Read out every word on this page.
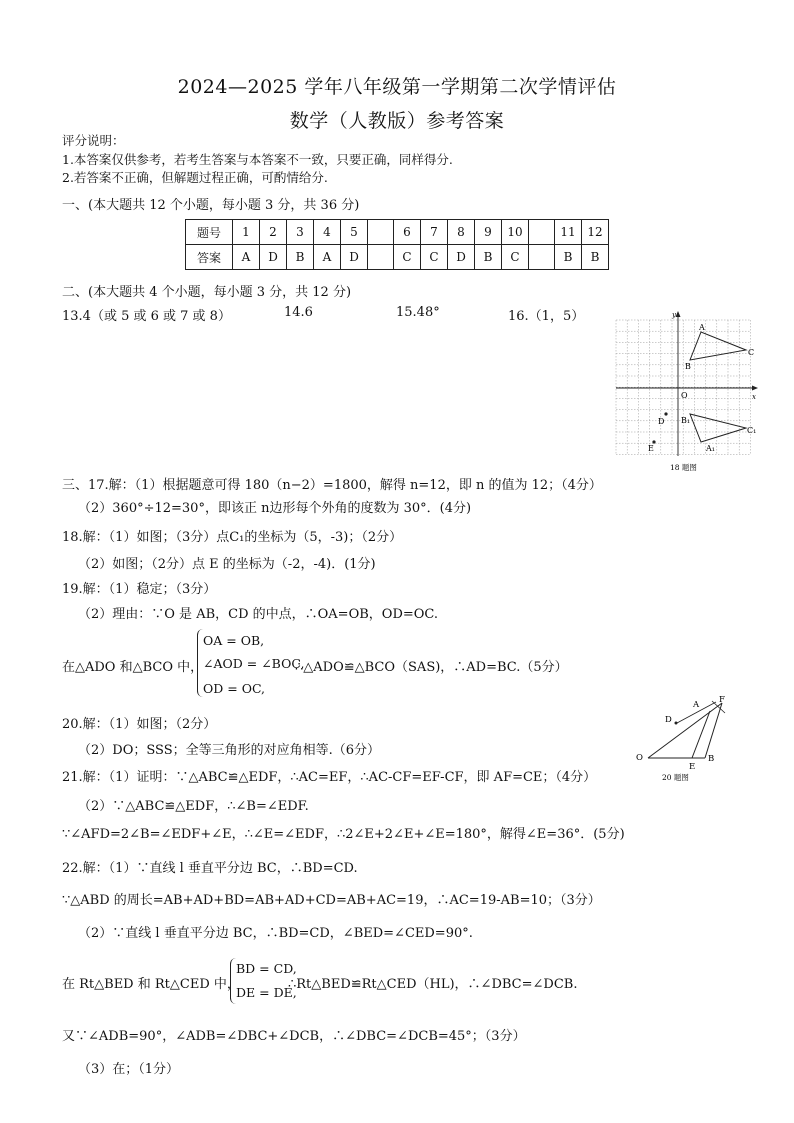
2024—2025 学年八年级第一学期第二次学情评估
数学（人教版）参考答案
评分说明：
1.本答案仅供参考，若考生答案与本答案不一致，只要正确，同样得分.
2.若答案不正确，但解题过程正确，可酌情给分.
一、(本大题共 12 个小题，每小题 3 分，共 36 分)
题号	1	2	3	4	5		6	7	8	9	10		11	12
答案	A	D	B	A	D		C	C	D	B	C		B	B
二、(本大题共 4 个小题，每小题 3 分，共 12 分)
13.4（或 5 或 6 或 7 或 8）	14.6	15.48°	16.（1，5）
A
B
C
B₁
C₁
A₁
D
E
O	x
y
18 题图
三、17.解：（1）根据题意可得 180（n−2）=1800，解得 n=12，即 n 的值为 12；（4分）
（2）360°÷12=30°，即该正 n边形每个外角的度数为 30°．(4分)
18.解：（1）如图；（3分）点C₁的坐标为（5，-3)；（2分）
（2）如图；（2分）点 E 的坐标为（-2，-4)．(1分)
19.解：（1）稳定；（3分）
（2）理由：∵O 是 AB，CD 的中点，∴OA=OB，OD=OC.
在△ADO 和△BCO 中，
OA = OB,
∠AOD = ∠BOC,
OD = OC,
∴△ADO≌△BCO（SAS)，∴AD=BC.（5分）
A F
D
O	B
E
20 题图
20.解：（1）如图；（2分）
（2）DO；SSS；全等三角形的对应角相等.（6分）
21.解：（1）证明：∵△ABC≌△EDF，∴AC=EF，∴AC-CF=EF-CF，即 AF=CE；（4分）
（2）∵△ABC≌△EDF，∴∠B=∠EDF.
∵∠AFD=2∠B=∠EDF+∠E，∴∠E=∠EDF，∴2∠E+2∠E+∠E=180°，解得∠E=36°．(5分)
22.解：（1）∵直线 l 垂直平分边 BC，∴BD=CD.
∵△ABD 的周长=AB+AD+BD=AB+AD+CD=AB+AC=19，∴AC=19-AB=10；（3分）
（2）∵直线 l 垂直平分边 BC，∴BD=CD，∠BED=∠CED=90°.
在 Rt△BED 和 Rt△CED 中，
BD = CD,
DE = DE,
∴Rt△BED≌Rt△CED（HL)，∴∠DBC=∠DCB.
又∵∠ADB=90°，∠ADB=∠DBC+∠DCB，∴∠DBC=∠DCB=45°；（3分）
（3）在；（1分）
